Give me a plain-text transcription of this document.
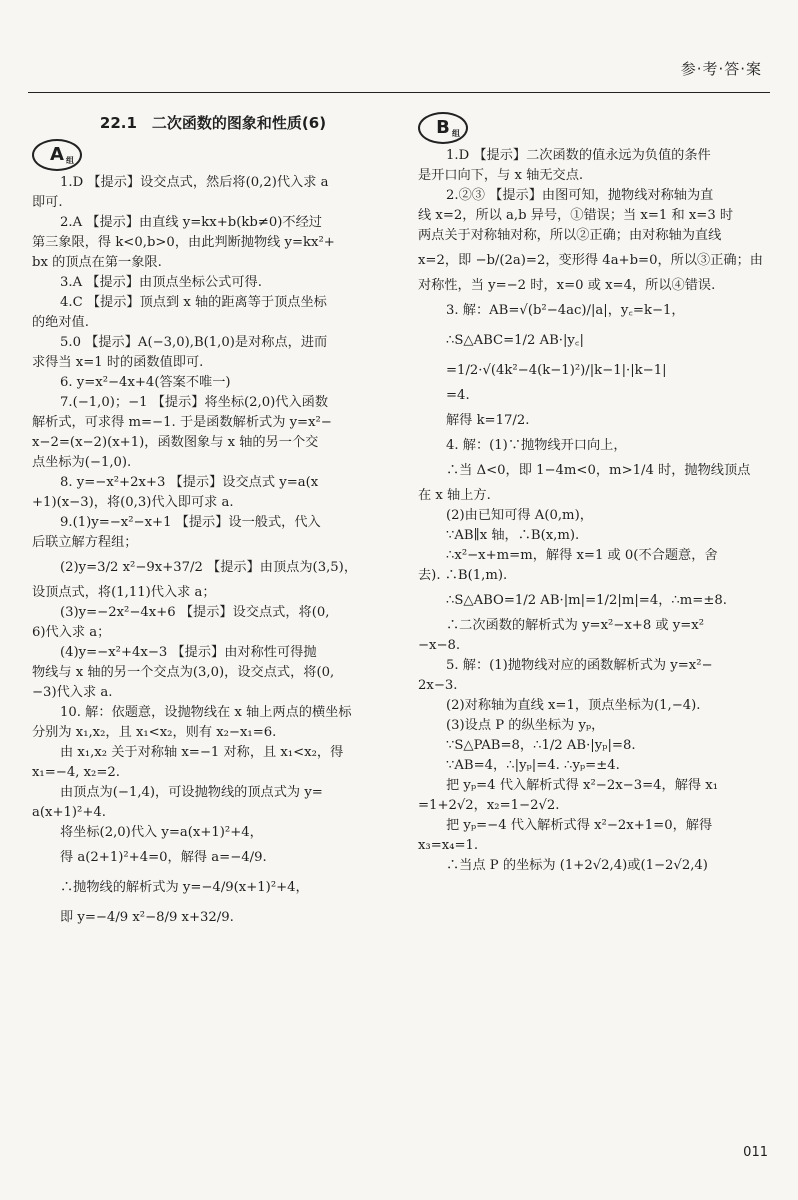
参·考·答·案
22.1　二次函数的图象和性质(6)
A 组
1.D 【提示】设交点式，然后将(0,2)代入求 a
即可.
2.A 【提示】由直线 y=kx+b(kb≠0)不经过
第三象限，得 k<0,b>0，由此判断抛物线 y=kx²+
bx 的顶点在第一象限.
3.A 【提示】由顶点坐标公式可得.
4.C 【提示】顶点到 x 轴的距离等于顶点坐标
的绝对值.
5.0 【提示】A(−3,0),B(1,0)是对称点，进而
求得当 x=1 时的函数值即可.
6. y=x²−4x+4(答案不唯一)
7.(−1,0)；−1 【提示】将坐标(2,0)代入函数
解析式，可求得 m=−1. 于是函数解析式为 y=x²−
x−2=(x−2)(x+1)，函数图象与 x 轴的另一个交
点坐标为(−1,0).
8. y=−x²+2x+3 【提示】设交点式 y=a(x
+1)(x−3)，将(0,3)代入即可求 a.
9.(1)y=−x²−x+1 【提示】设一般式，代入
后联立解方程组；
(2)y=3/2 x²−9x+37/2 【提示】由顶点为(3,5)，
设顶点式，将(1,11)代入求 a；
(3)y=−2x²−4x+6 【提示】设交点式，将(0,
6)代入求 a；
(4)y=−x²+4x−3 【提示】由对称性可得抛
物线与 x 轴的另一个交点为(3,0)，设交点式，将(0,
−3)代入求 a.
10. 解：依题意，设抛物线在 x 轴上两点的横坐标
分别为 x₁,x₂，且 x₁<x₂，则有 x₂−x₁=6.
由 x₁,x₂ 关于对称轴 x=−1 对称，且 x₁<x₂，得
x₁=−4, x₂=2.
由顶点为(−1,4)，可设抛物线的顶点式为 y=
a(x+1)²+4.
将坐标(2,0)代入 y=a(x+1)²+4，
得 a(2+1)²+4=0，解得 a=−4/9.
∴抛物线的解析式为 y=−4/9(x+1)²+4，
即 y=−4/9 x²−8/9 x+32/9.
B 组
1.D 【提示】二次函数的值永远为负值的条件
是开口向下，与 x 轴无交点.
2.②③ 【提示】由图可知，抛物线对称轴为直
线 x=2，所以 a,b 异号，①错误；当 x=1 和 x=3 时
两点关于对称轴对称，所以②正确；由对称轴为直线
x=2，即 −b/(2a)=2，变形得 4a+b=0，所以③正确；由
对称性，当 y=−2 时，x=0 或 x=4，所以④错误.
3. 解：AB=√(b²−4ac)/|a|，y꜀=k−1，
∴S△ABC=1/2 AB·|y꜀|
=1/2·√(4k²−4(k−1)²)/|k−1|·|k−1|
=4.
解得 k=17/2.
4. 解：(1)∵抛物线开口向上，
∴当 Δ<0，即 1−4m<0，m>1/4 时，抛物线顶点
在 x 轴上方.
(2)由已知可得 A(0,m)，
∵AB∥x 轴，∴B(x,m).
∴x²−x+m=m，解得 x=1 或 0(不合题意，舍
去). ∴B(1,m).
∴S△ABO=1/2 AB·|m|=1/2|m|=4，∴m=±8.
∴二次函数的解析式为 y=x²−x+8 或 y=x²
−x−8.
5. 解：(1)抛物线对应的函数解析式为 y=x²−
2x−3.
(2)对称轴为直线 x=1，顶点坐标为(1,−4).
(3)设点 P 的纵坐标为 yₚ，
∵S△PAB=8，∴1/2 AB·|yₚ|=8.
∵AB=4，∴|yₚ|=4. ∴yₚ=±4.
把 yₚ=4 代入解析式得 x²−2x−3=4，解得 x₁
=1+2√2，x₂=1−2√2.
把 yₚ=−4 代入解析式得 x²−2x+1=0，解得
x₃=x₄=1.
∴当点 P 的坐标为 (1+2√2,4)或(1−2√2,4)
011
